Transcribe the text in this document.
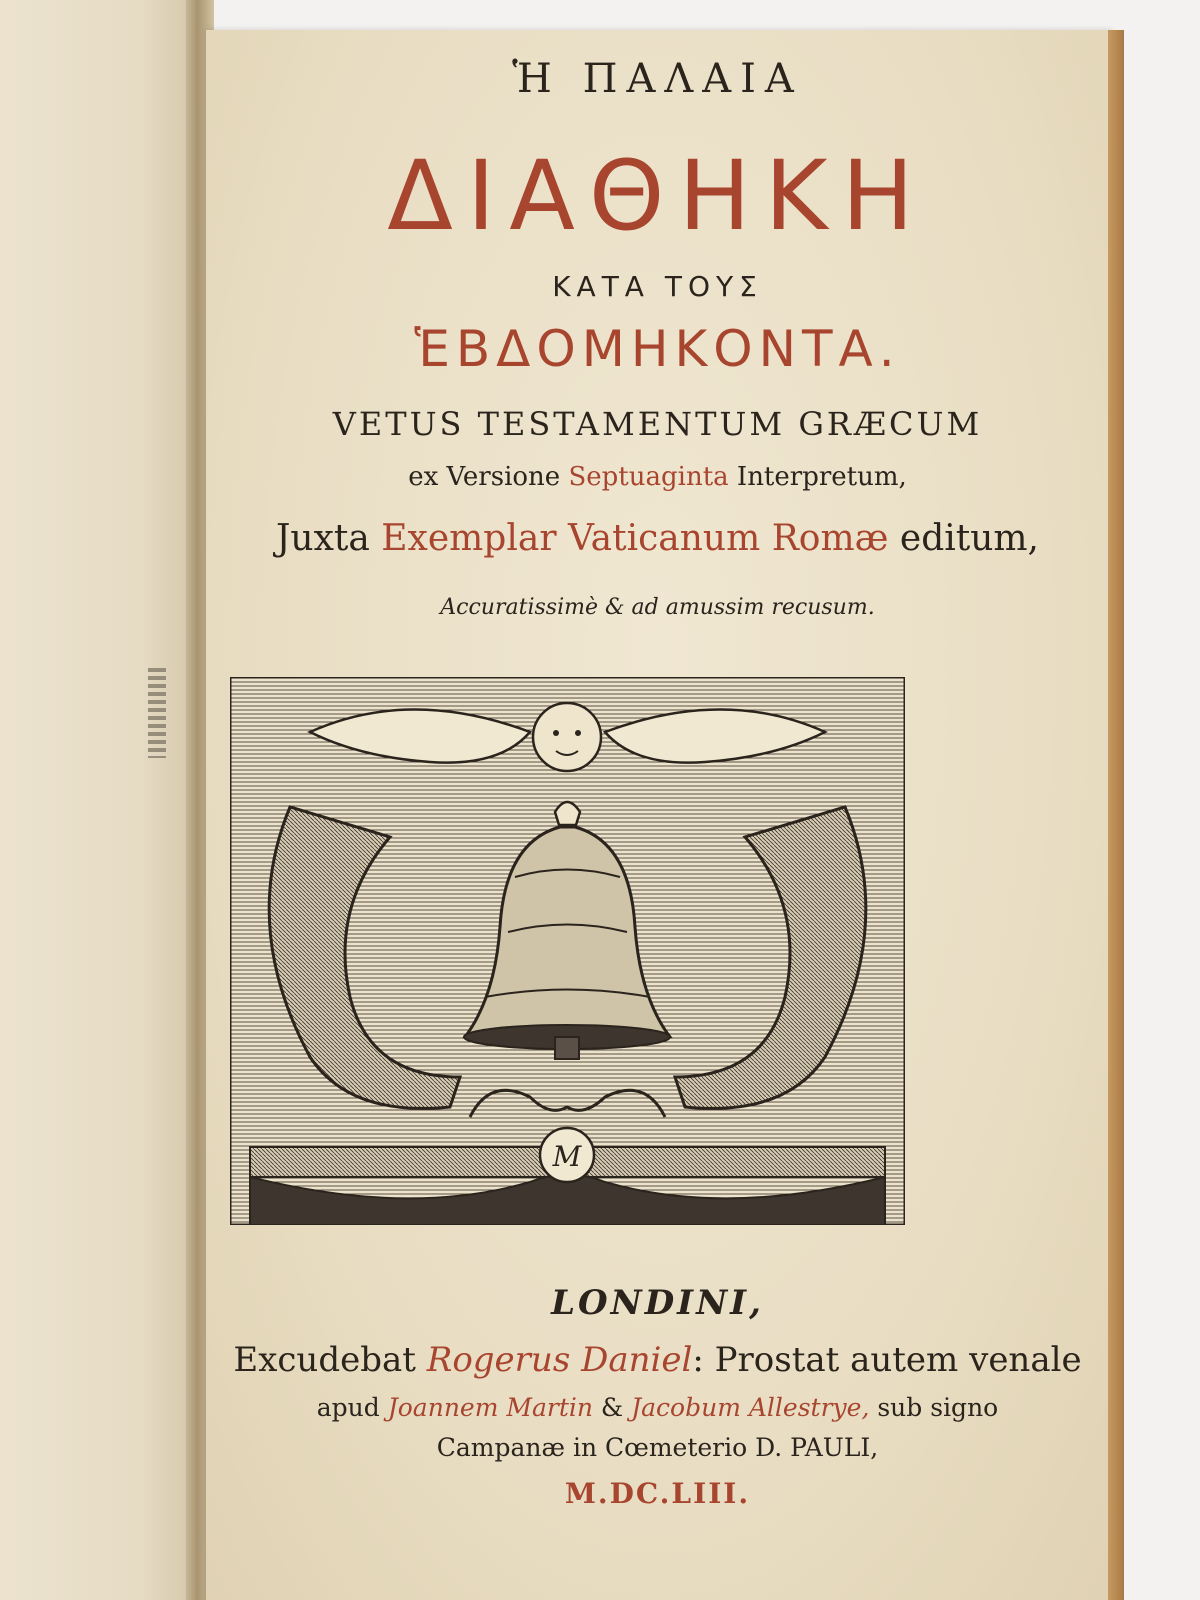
Ἡ ΠΑΛΑΙΑ
ΔΙΑΘΗΚΗ
ΚΑΤΑ ΤΟΥΣ
ἙΒΔΟΜΗΚΟΝΤΑ.
VETUS TESTAMENTUM GRÆCUM
ex Versione Septuaginta Interpretum,
Juxta Exemplar Vaticanum Romæ editum,
Accuratissimè & ad amussim recusum.
M
LONDINI,
Excudebat Rogerus Daniel: Prostat autem venale
apud Joannem Martin & Jacobum Allestrye, sub signo
Campanæ in Cœmeterio D. PAULI,
M.DC.LIII.
